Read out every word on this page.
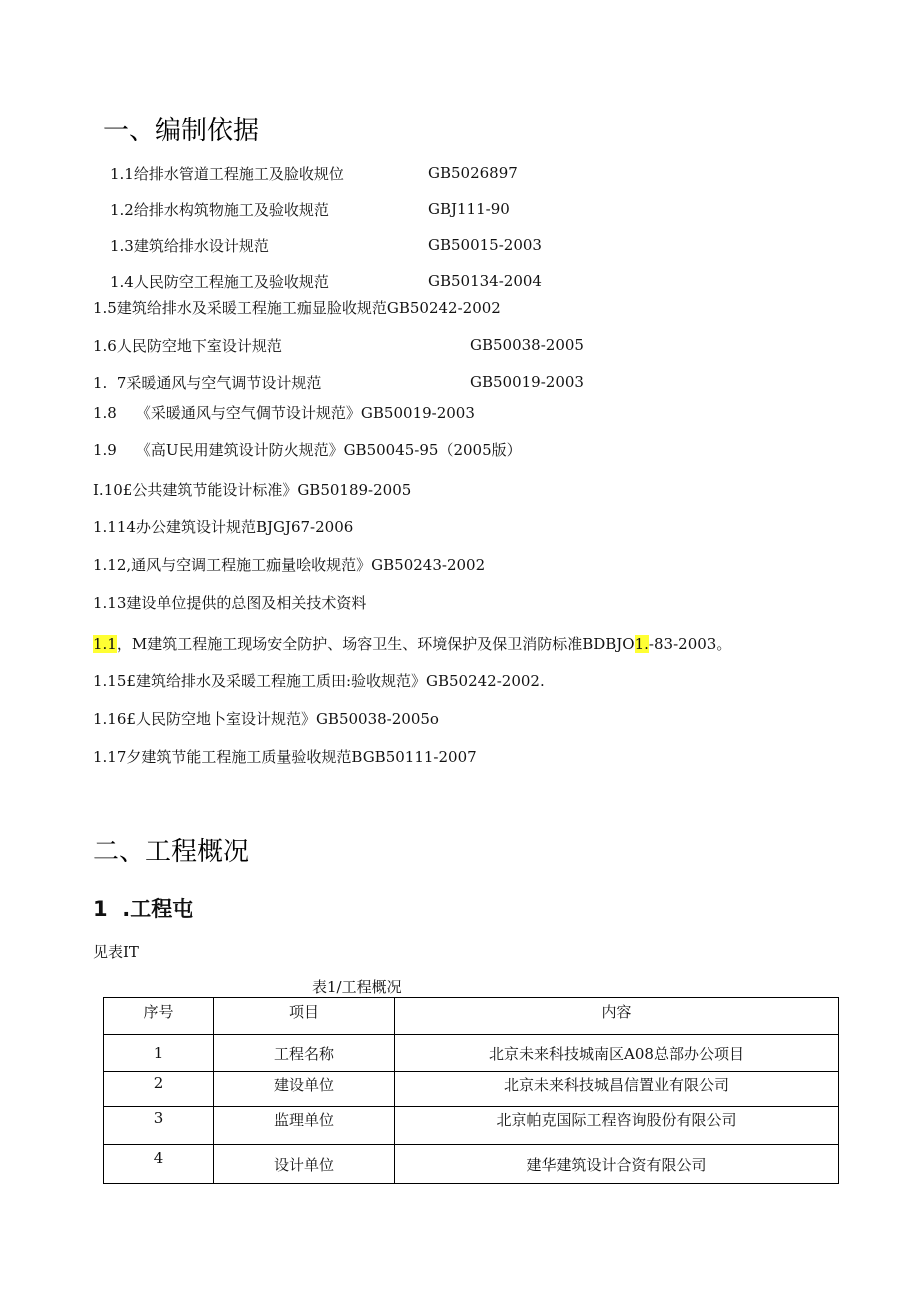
一、编制依据
1.1给排水管道工程施工及脸收规位	GB5026897
1.2给排水构筑物施工及验收规范	GBJ111-90
1.3建筑给排水设计规范	GB50015-2003
1.4人民防空工程施工及验收规范	GB50134-2004
1.5建筑给排水及采暖工程施工痂显脸收规范GB50242-2002
1.6人民防空地下室设计规范	GB50038-2005
1.  7采暖通风与空气调节设计规范	GB50019-2003
1.8    《采暖通风与空气倜节设计规范》GB50019-2003
1.9    《高U民用建筑设计防火规范》GB50045-95（2005版）
I.10£公共建筑节能设计标准》GB50189-2005
1.114办公建筑设计规范BJGJ67-2006
1.12,通风与空调工程施工痂量哙收规范》GB50243-2002
1.13建设单位提供的总图及相关技术资料
1.1，M建筑工程施工现场安全防护、场容卫生、环境保护及保卫消防标准BDBJO1.-83-2003。
1.15£建筑给排水及采暖工程施工质田:验收规范》GB50242-2002.
1.16£人民防空地卜室设计规范》GB50038-2005o
1.17夕建筑节能工程施工质量验收规范BGB50111-2007
二、工程概况
1  .工程屯
见表IT
表1/工程概况
序号	项目	内容
1	工程名称	北京未来科技城南区A08总部办公项目
2	建设单位	北京未来科技城昌信置业有限公司
3	监理单位	北京帕克国际工程咨询股份有限公司
4	设计单位	建华建筑设计合资有限公司
